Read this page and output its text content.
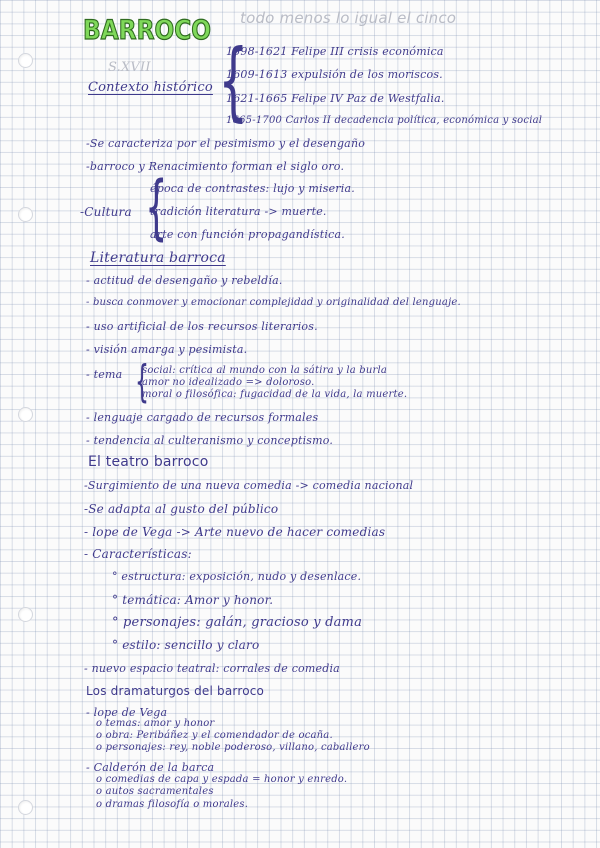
BARROCO todo menos lo igual el cinco
S.XVII
Contexto histórico {
1598-1621 Felipe III crisis económica
1609-1613 expulsión de los moriscos.
1621-1665 Felipe IV Paz de Westfalia.
1665-1700 Carlos II decadencia política, económica y social
-Se caracteriza por el pesimismo y el desengaño
-barroco y Renacimiento forman el siglo oro.
-Cultura {
época de contrastes: lujo y miseria.
tradición literatura -> muerte.
arte con función propagandística.
Literatura barroca
- actitud de desengaño y rebeldía.
- busca conmover y emocionar complejidad y originalidad del lenguaje.
- uso artificial de los recursos literarios.
- visión amarga y pesimista.
- tema {
social: crítica al mundo con la sátira y la burla
amor no idealizado => doloroso.
moral o filosófica: fugacidad de la vida, la muerte.
- lenguaje cargado de recursos formales
- tendencia al culteranismo y conceptismo.
El teatro barroco
-Surgimiento de una nueva comedia -> comedia nacional
-Se adapta al gusto del público
- lope de Vega -> Arte nuevo de hacer comedias
- Características:
° estructura: exposición, nudo y desenlace.
° temática: Amor y honor.
° personajes: galán, gracioso y dama
° estilo: sencillo y claro
- nuevo espacio teatral: corrales de comedia
Los dramaturgos del barroco
- lope de Vega
o temas: amor y honor
o obra: Peribáñez y el comendador de ocaña.
o personajes: rey, noble poderoso, villano, caballero
- Calderón de la barca
o comedias de capa y espada = honor y enredo.
o autos sacramentales
o dramas filosofía o morales.
